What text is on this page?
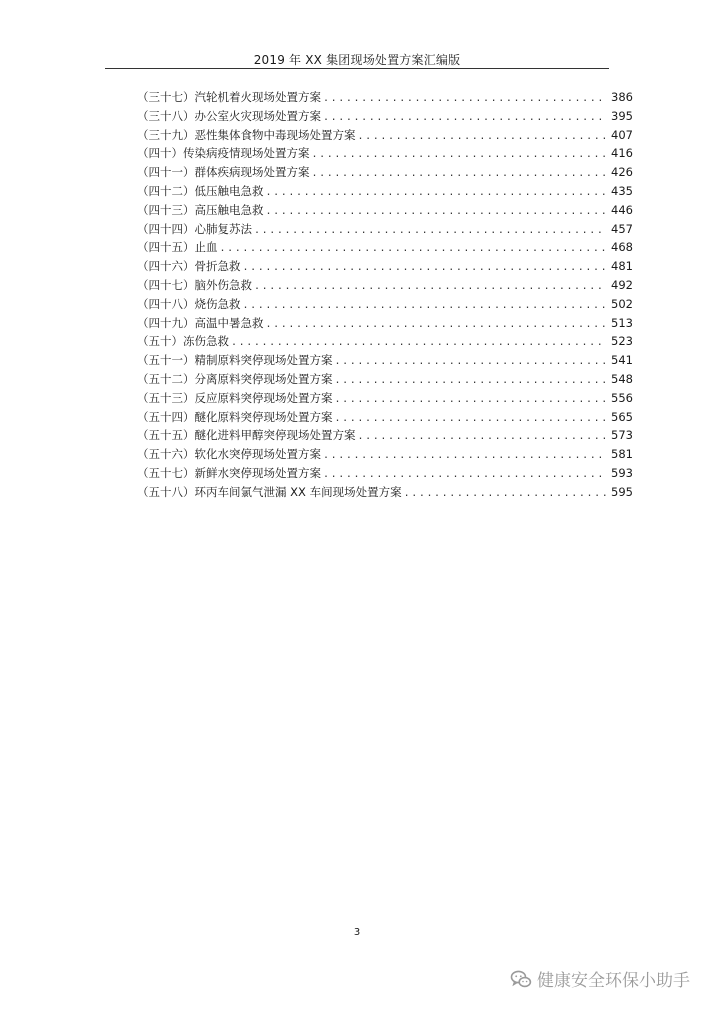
2019 年 XX 集团现场处置方案汇编版
（三十七） 汽轮机着火现场处置方案 .....	386
（三十八） 办公室火灾现场处置方案 .....	395
（三十九） 恶性集体食物中毒现场处置方案 .....	407
（四十） 传染病疫情现场处置方案 .....	416
（四十一） 群体疾病现场处置方案 .....	426
（四十二） 低压触电急救 .....	435
（四十三） 高压触电急救 .....	446
（四十四） 心肺复苏法 .....	457
（四十五） 止血 .....	468
（四十六） 骨折急救 .....	481
（四十七） 脑外伤急救 .....	492
（四十八） 烧伤急救 .....	502
（四十九） 高温中暑急救 .....	513
（五十） 冻伤急救 .....	523
（五十一） 精制原料突停现场处置方案 .....	541
（五十二） 分离原料突停现场处置方案 .....	548
（五十三） 反应原料突停现场处置方案 .....	556
（五十四） 醚化原料突停现场处置方案 .....	565
（五十五） 醚化进料甲醇突停现场处置方案 .....	573
（五十六） 软化水突停现场处置方案 .....	581
（五十七） 新鲜水突停现场处置方案 .....	593
（五十八） 环丙车间氯气泄漏 XX 车间现场处置方案 .....	595
3
健康安全环保小助手
